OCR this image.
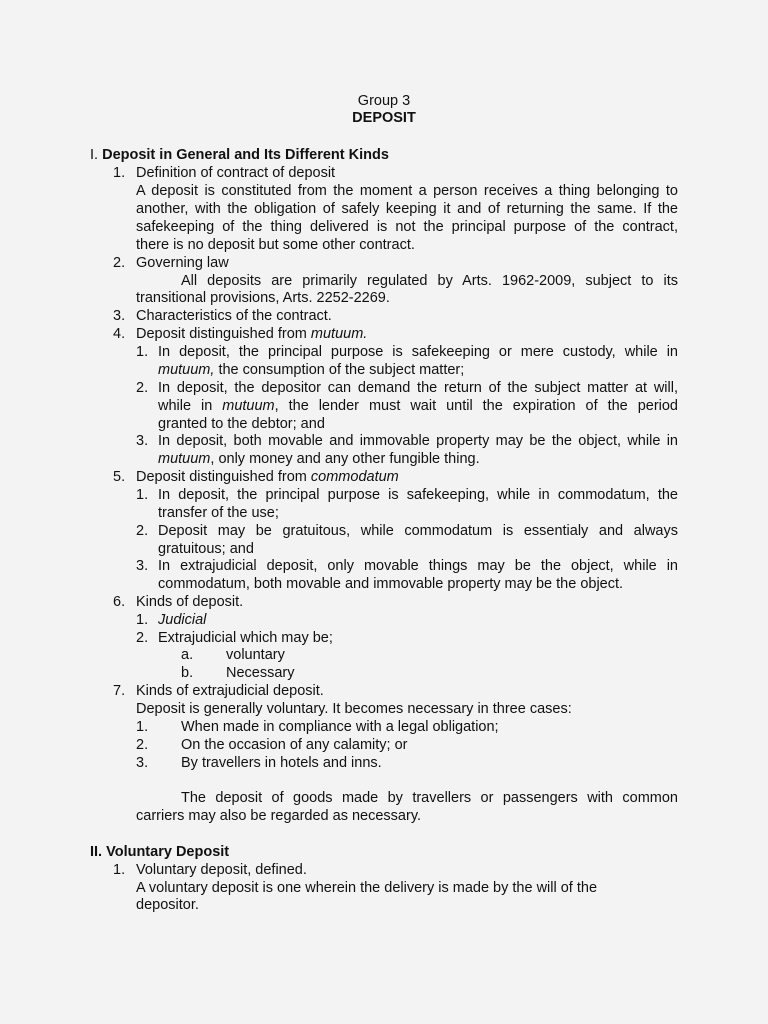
Group 3
DEPOSIT
I. Deposit in General and Its Different Kinds
1. Definition of contract of deposit
A deposit is constituted from the moment a person receives a thing belonging to
another, with the obligation of safely keeping it and of returning the same. If the
safekeeping of the thing delivered is not the principal purpose of the contract,
there is no deposit but some other contract.
2. Governing law
All deposits are primarily regulated by Arts. 1962-2009, subject to its
transitional provisions, Arts. 2252-2269.
3. Characteristics of the contract.
4. Deposit distinguished from mutuum.
1. In deposit, the principal purpose is safekeeping or mere custody, while in
mutuum, the consumption of the subject matter;
2. In deposit, the depositor can demand the return of the subject matter at will,
while in mutuum, the lender must wait until the expiration of the period
granted to the debtor; and
3. In deposit, both movable and immovable property may be the object, while in
mutuum, only money and any other fungible thing.
5. Deposit distinguished from commodatum
1. In deposit, the principal purpose is safekeeping, while in commodatum, the
transfer of the use;
2. Deposit may be gratuitous, while commodatum is essentialy and always
gratuitous; and
3. In extrajudicial deposit, only movable things may be the object, while in
commodatum, both movable and immovable property may be the object.
6. Kinds of deposit.
1. Judicial
2. Extrajudicial which may be;
a. voluntary
b. Necessary
7. Kinds of extrajudicial deposit.
Deposit is generally voluntary. It becomes necessary in three cases:
1. When made in compliance with a legal obligation;
2. On the occasion of any calamity; or
3. By travellers in hotels and inns.
The deposit of goods made by travellers or passengers with common
carriers may also be regarded as necessary.
II. Voluntary Deposit
1. Voluntary deposit, defined.
A voluntary deposit is one wherein the delivery is made by the will of the
depositor.
